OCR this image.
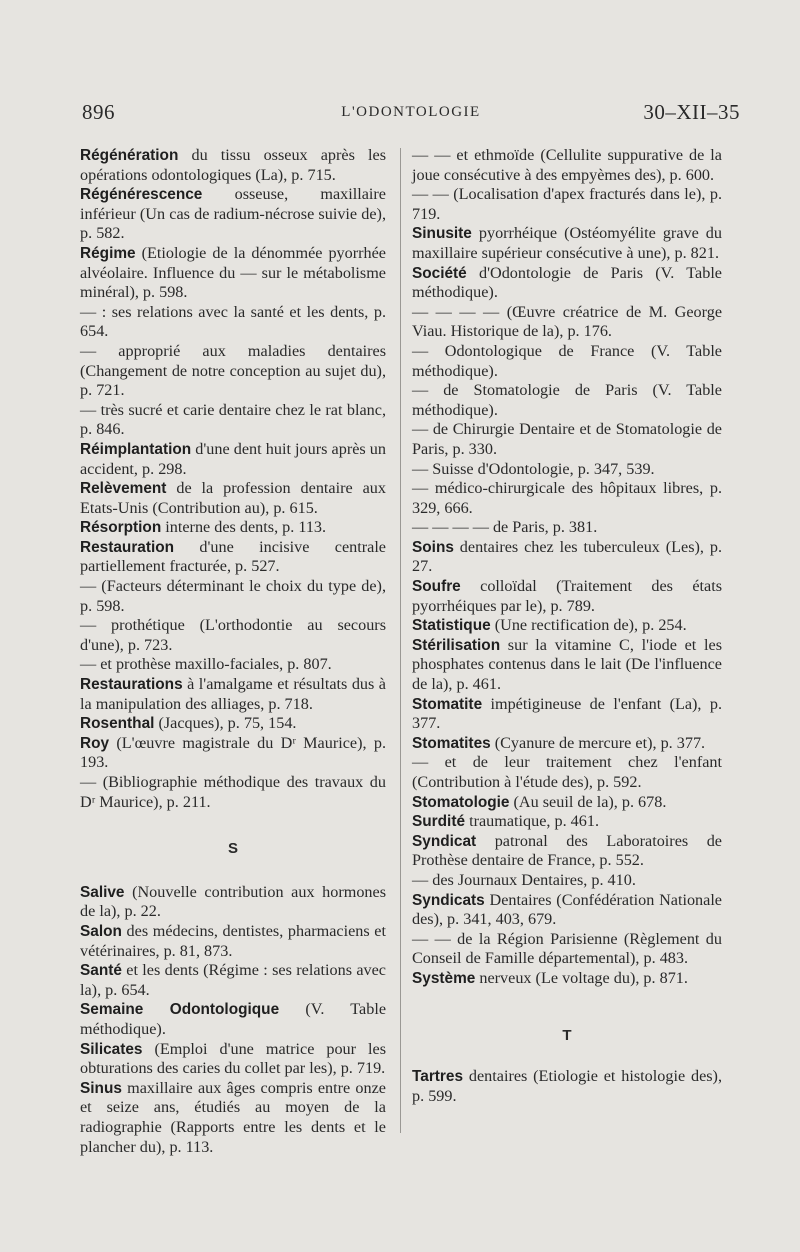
896	L'ODONTOLOGIE	30–XII–35
Régénération du tissu osseux après les opérations odontologiques (La), p. 715.
Régénérescence osseuse, maxillaire inférieur (Un cas de radium-nécrose suivie de), p. 582.
Régime (Etiologie de la dénommée pyorrhée alvéolaire. Influence du — sur le métabolisme minéral), p. 598.
— : ses relations avec la santé et les dents, p. 654.
— approprié aux maladies dentaires (Changement de notre conception au sujet du), p. 721.
— très sucré et carie dentaire chez le rat blanc, p. 846.
Réimplantation d'une dent huit jours après un accident, p. 298.
Relèvement de la profession dentaire aux Etats-Unis (Contribution au), p. 615.
Résorption interne des dents, p. 113.
Restauration d'une incisive centrale partiellement fracturée, p. 527.
— (Facteurs déterminant le choix du type de), p. 598.
— prothétique (L'orthodontie au secours d'une), p. 723.
— et prothèse maxillo-faciales, p. 807.
Restaurations à l'amalgame et résultats dus à la manipulation des alliages, p. 718.
Rosenthal (Jacques), p. 75, 154.
Roy (L'œuvre magistrale du Dʳ Maurice), p. 193.
— (Bibliographie méthodique des travaux du Dʳ Maurice), p. 211.
S
Salive (Nouvelle contribution aux hormones de la), p. 22.
Salon des médecins, dentistes, pharmaciens et vétérinaires, p. 81, 873.
Santé et les dents (Régime : ses relations avec la), p. 654.
Semaine Odontologique (V. Table méthodique).
Silicates (Emploi d'une matrice pour les obturations des caries du collet par les), p. 719.
Sinus maxillaire aux âges compris entre onze et seize ans, étudiés au moyen de la radiographie (Rapports entre les dents et le plancher du), p. 113.
— — et ethmoïde (Cellulite suppurative de la joue consécutive à des empyèmes des), p. 600.
— — (Localisation d'apex fracturés dans le), p. 719.
Sinusite pyorrhéique (Ostéomyélite grave du maxillaire supérieur consécutive à une), p. 821.
Société d'Odontologie de Paris (V. Table méthodique).
— — — — (Œuvre créatrice de M. George Viau. Historique de la), p. 176.
— Odontologique de France (V. Table méthodique).
— de Stomatologie de Paris (V. Table méthodique).
— de Chirurgie Dentaire et de Stomatologie de Paris, p. 330.
— Suisse d'Odontologie, p. 347, 539.
— médico-chirurgicale des hôpitaux libres, p. 329, 666.
— — — — de Paris, p. 381.
Soins dentaires chez les tuberculeux (Les), p. 27.
Soufre colloïdal (Traitement des états pyorrhéiques par le), p. 789.
Statistique (Une rectification de), p. 254.
Stérilisation sur la vitamine C, l'iode et les phosphates contenus dans le lait (De l'influence de la), p. 461.
Stomatite impétigineuse de l'enfant (La), p. 377.
Stomatites (Cyanure de mercure et), p. 377.
— et de leur traitement chez l'enfant (Contribution à l'étude des), p. 592.
Stomatologie (Au seuil de la), p. 678.
Surdité traumatique, p. 461.
Syndicat patronal des Laboratoires de Prothèse dentaire de France, p. 552.
— des Journaux Dentaires, p. 410.
Syndicats Dentaires (Confédération Nationale des), p. 341, 403, 679.
— — de la Région Parisienne (Règlement du Conseil de Famille départemental), p. 483.
Système nerveux (Le voltage du), p. 871.
T
Tartres dentaires (Etiologie et histologie des), p. 599.
